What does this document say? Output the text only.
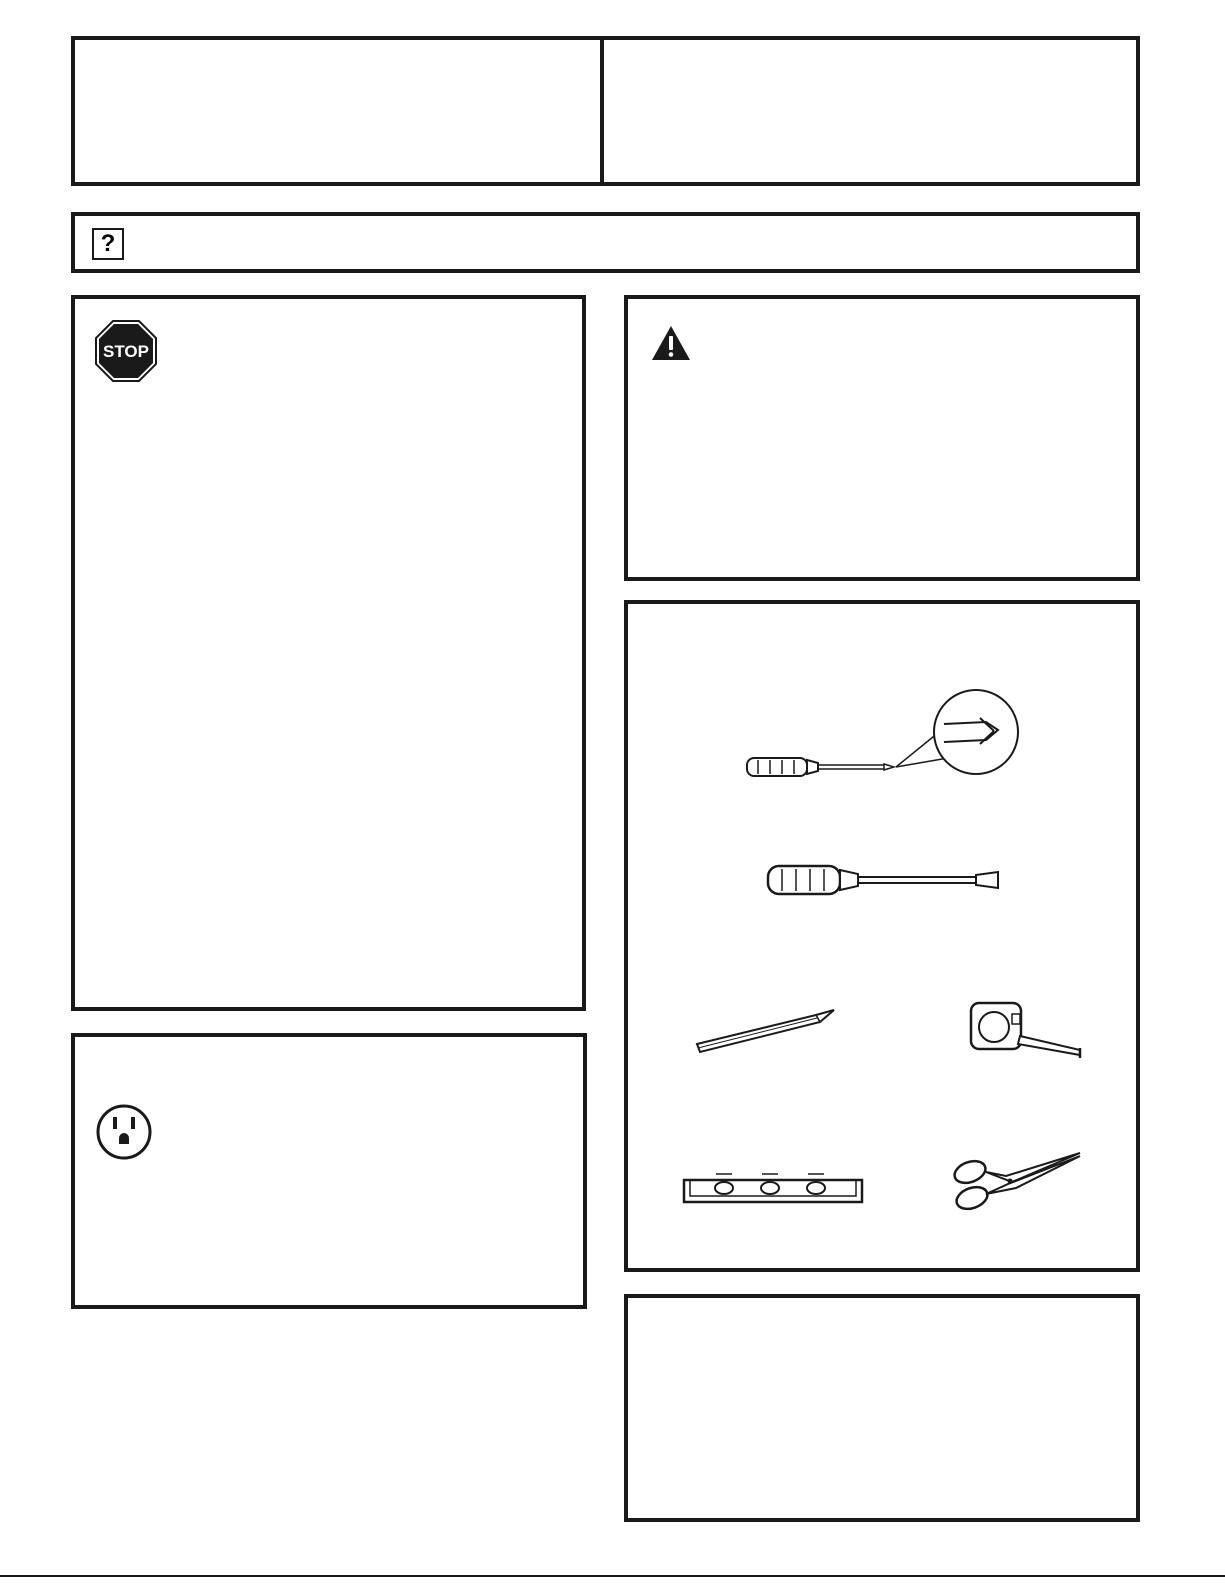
?
STOP
